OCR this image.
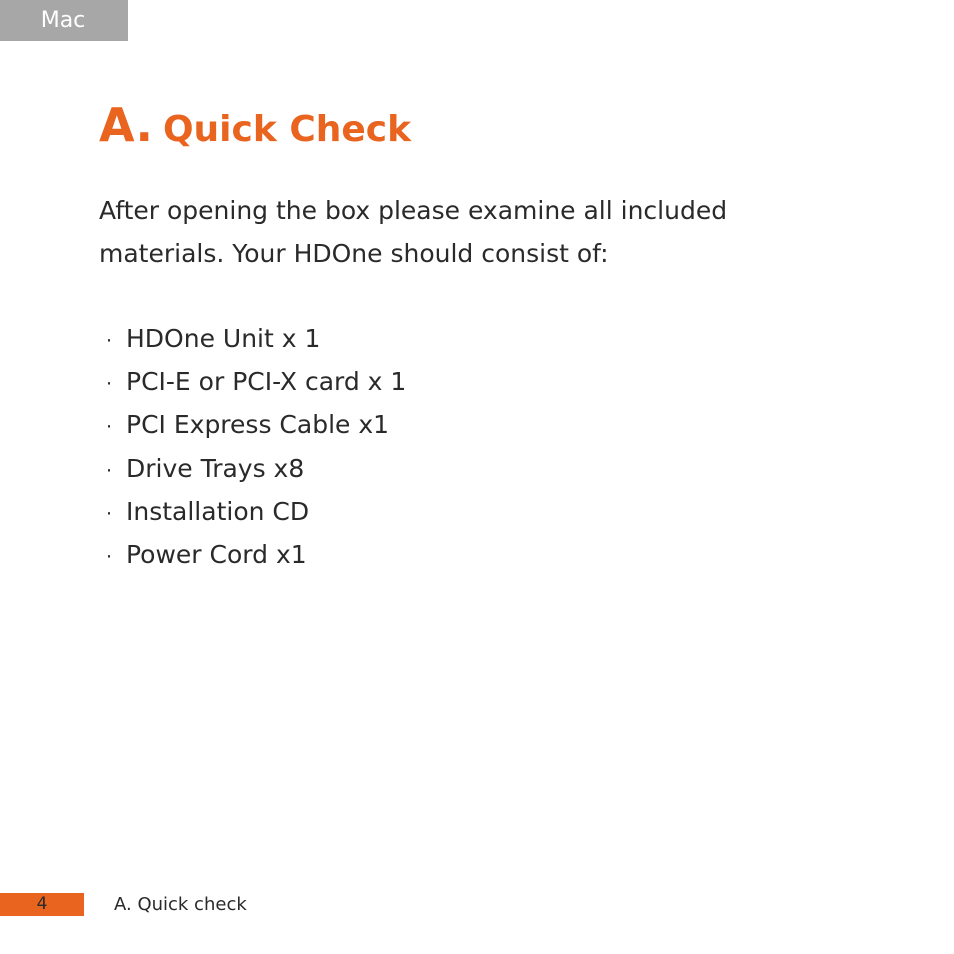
Mac
A. Quick Check

After opening the box please examine all included
materials. Your HDOne should consist of:

· HDOne Unit x 1
· PCI-E or PCI-X card x 1
· PCI Express Cable x1
· Drive Trays x8
· Installation CD
· Power Cord x1
4	A. Quick check
